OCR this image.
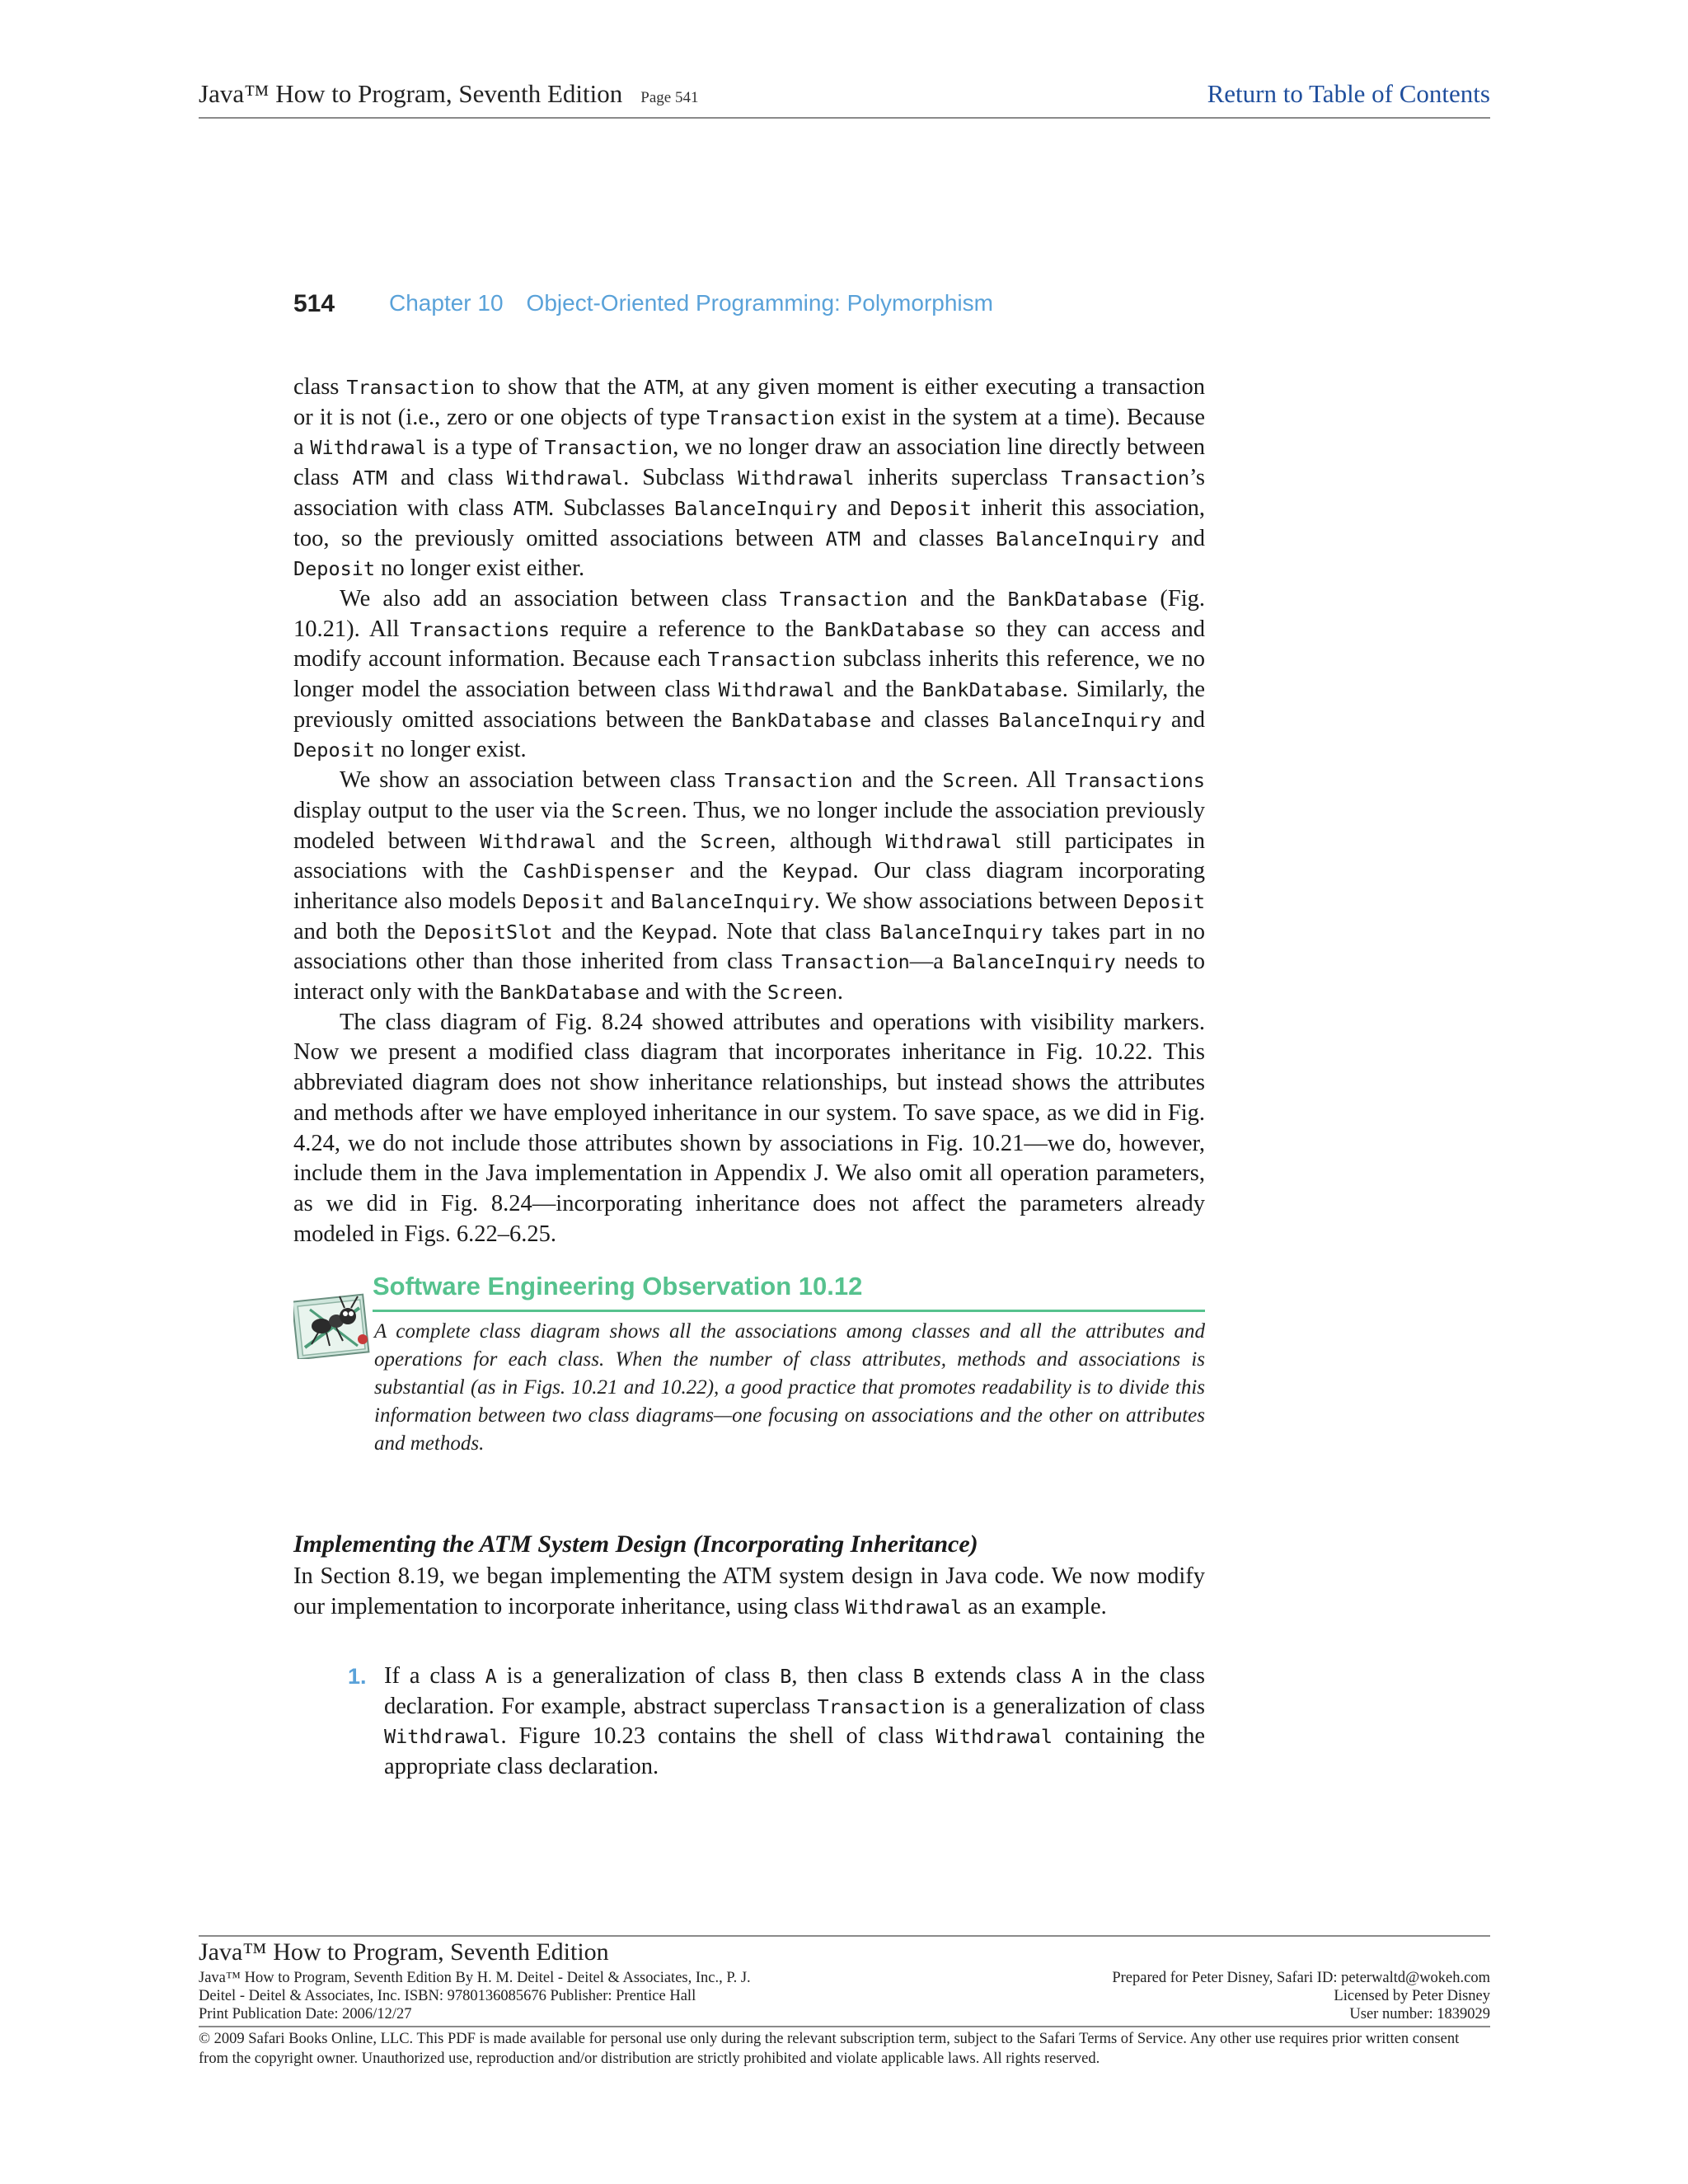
Java™ How to Program, Seventh Edition Page 541	Return to Table of Contents
514 Chapter 10 Object-Oriented Programming: Polymorphism

class Transaction to show that the ATM, at any given moment is either executing a transaction or it is not (i.e., zero or one objects of type Transaction exist in the system at a time). Because a Withdrawal is a type of Transaction, we no longer draw an association line directly between class ATM and class Withdrawal. Subclass Withdrawal inherits superclass Transaction’s association with class ATM. Subclasses BalanceInquiry and Deposit inherit this association, too, so the previously omitted associations between ATM and classes BalanceInquiry and Deposit no longer exist either.

We also add an association between class Transaction and the BankDatabase (Fig. 10.21). All Transactions require a reference to the BankDatabase so they can access and modify account information. Because each Transaction subclass inherits this reference, we no longer model the association between class Withdrawal and the BankDatabase. Similarly, the previously omitted associations between the BankDatabase and classes BalanceInquiry and Deposit no longer exist.

We show an association between class Transaction and the Screen. All Transactions display output to the user via the Screen. Thus, we no longer include the association previously modeled between Withdrawal and the Screen, although Withdrawal still participates in associations with the CashDispenser and the Keypad. Our class diagram incorporating inheritance also models Deposit and BalanceInquiry. We show associations between Deposit and both the DepositSlot and the Keypad. Note that class BalanceInquiry takes part in no associations other than those inherited from class Transaction—a BalanceInquiry needs to interact only with the BankDatabase and with the Screen.

The class diagram of Fig. 8.24 showed attributes and operations with visibility markers. Now we present a modified class diagram that incorporates inheritance in Fig. 10.22. This abbreviated diagram does not show inheritance relationships, but instead shows the attributes and methods after we have employed inheritance in our system. To save space, as we did in Fig. 4.24, we do not include those attributes shown by associations in Fig. 10.21—we do, however, include them in the Java implementation in Appendix J. We also omit all operation parameters, as we did in Fig. 8.24—incorporating inheritance does not affect the parameters already modeled in Figs. 6.22–6.25.

Software Engineering Observation 10.12
A complete class diagram shows all the associations among classes and all the attributes and operations for each class. When the number of class attributes, methods and associations is substantial (as in Figs. 10.21 and 10.22), a good practice that promotes readability is to divide this information between two class diagrams—one focusing on associations and the other on attributes and methods.
Implementing the ATM System Design (Incorporating Inheritance)
In Section 8.19, we began implementing the ATM system design in Java code. We now modify our implementation to incorporate inheritance, using class Withdrawal as an example.
1. If a class A is a generalization of class B, then class B extends class A in the class declaration. For example, abstract superclass Transaction is a generalization of class Withdrawal. Figure 10.23 contains the shell of class Withdrawal containing the appropriate class declaration.
Java™ How to Program, Seventh Edition
Java™ How to Program, Seventh Edition By H. M. Deitel - Deitel & Associates, Inc., P. J.
Deitel - Deitel & Associates, Inc. ISBN: 9780136085676 Publisher: Prentice Hall
Print Publication Date: 2006/12/27
Prepared for Peter Disney, Safari ID: peterwaltd@wokeh.com
Licensed by Peter Disney
User number: 1839029
© 2009 Safari Books Online, LLC. This PDF is made available for personal use only during the relevant subscription term, subject to the Safari Terms of Service. Any other use requires prior written consent from the copyright owner. Unauthorized use, reproduction and/or distribution are strictly prohibited and violate applicable laws. All rights reserved.
